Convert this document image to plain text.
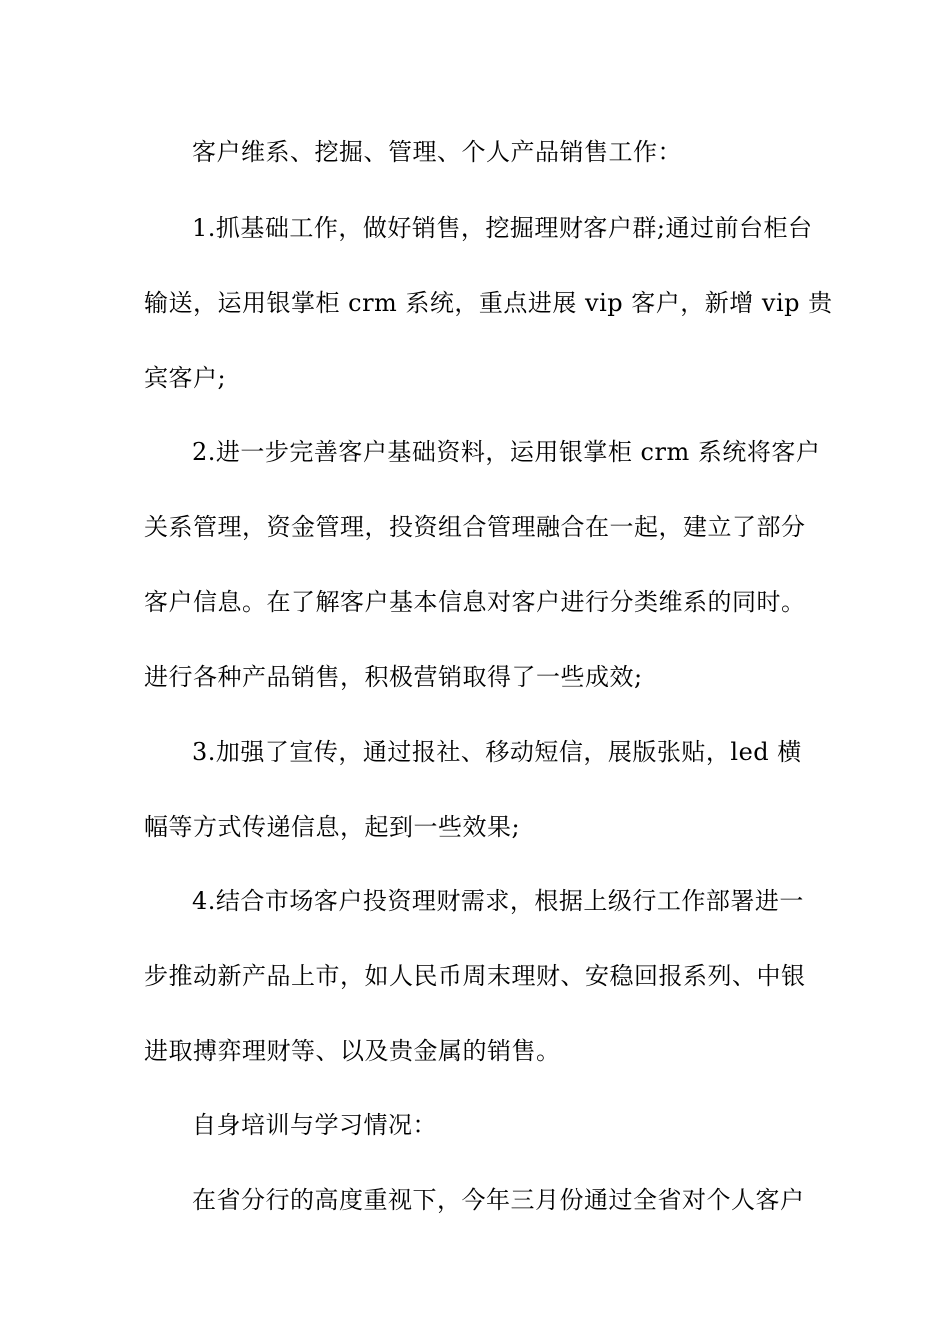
客户维系、挖掘、管理、个人产品销售工作：
1.抓基础工作，做好销售，挖掘理财客户群;通过前台柜台
输送，运用银掌柜 crm 系统，重点进展 vip 客户，新增 vip 贵
宾客户;
2.进一步完善客户基础资料，运用银掌柜 crm 系统将客户
关系管理，资金管理，投资组合管理融合在一起，建立了部分
客户信息。在了解客户基本信息对客户进行分类维系的同时。
进行各种产品销售，积极营销取得了一些成效;
3.加强了宣传，通过报社、移动短信，展版张贴，led 横
幅等方式传递信息，起到一些效果;
4.结合市场客户投资理财需求，根据上级行工作部署进一
步推动新产品上市，如人民币周末理财、安稳回报系列、中银
进取搏弈理财等、以及贵金属的销售。
自身培训与学习情况：
在省分行的高度重视下，今年三月份通过全省对个人客户
